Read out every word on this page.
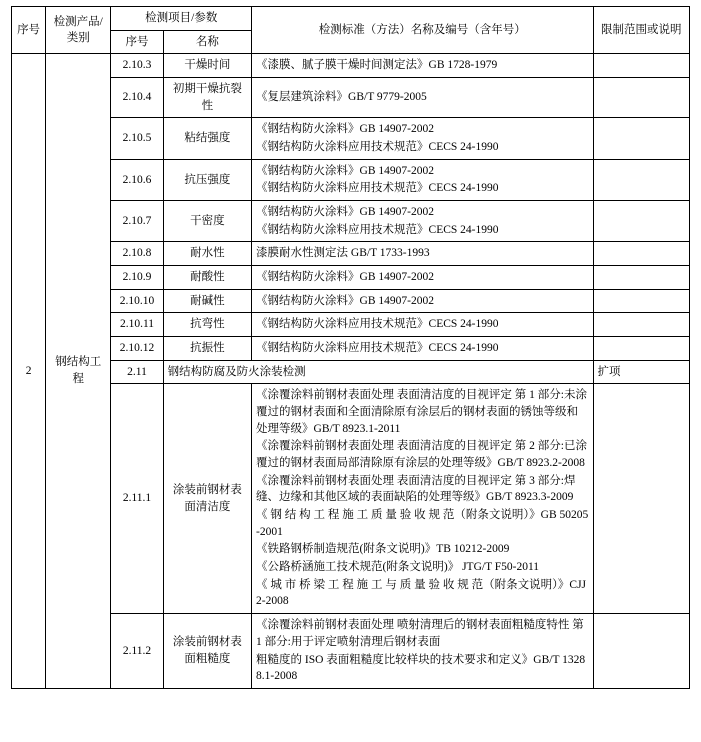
序号	检测产品/类别	检测项目/参数		检测标准（方法）名称及编号（含年号）	限制范围或说明
		序号	名称		
2	钢结构工程	2.10.3	干燥时间	《漆膜、腻子膜干燥时间测定法》GB 1728-1979	

		2.10.4	初期干燥抗裂性	《复层建筑涂料》GB/T 9779-2005	

		2.10.5	粘结强度	《钢结构防火涂料》GB 14907-2002

《钢结构防火涂料应用技术规范》CECS 24-1990	

		2.10.6	抗压强度	《钢结构防火涂料》GB 14907-2002

《钢结构防火涂料应用技术规范》CECS 24-1990	

		2.10.7	干密度	《钢结构防火涂料》GB 14907-2002

《钢结构防火涂料应用技术规范》CECS 24-1990	

		2.10.8	耐水性	漆膜耐水性测定法 GB/T 1733-1993	

		2.10.9	耐酸性	《钢结构防火涂料》GB 14907-2002	

		2.10.10	耐碱性	《钢结构防火涂料》GB 14907-2002	

		2.10.11	抗弯性	《钢结构防火涂料应用技术规范》CECS 24-1990	

		2.10.12	抗振性	《钢结构防火涂料应用技术规范》CECS 24-1990	

		2.11	钢结构防腐及防火涂装检测		扩项
2.11.1	涂装前钢材表面清洁度	

《涂覆涂料前钢材表面处理 表面清洁度的目视评定 第 1 部分:未涂覆过的钢材表面和全面清除原有涂层后的钢材表面的锈蚀等级和处理等级》GB/T 8923.1-2011

《涂覆涂料前钢材表面处理 表面清洁度的目视评定 第 2 部分:已涂覆过的钢材表面局部清除原有涂层的处理等级》GB/T 8923.2-2008

《涂覆涂料前钢材表面处理 表面清洁度的目视评定 第 3 部分:焊缝、边缘和其他区域的表面缺陷的处理等级》GB/T 8923.3-2009

《 钢 结 构 工 程 施 工 质 量 验 收 规 范（附条文说明）》GB 50205-2001

《铁路钢桥制造规范(附条文说明)》TB 10212-2009

《公路桥涵施工技术规范(附条文说明)》 JTG/T F50-2011

《 城 市 桥 梁 工 程 施 工 与 质 量 验 收 规 范（附条文说明）》CJJ 2-2008

		2.11.2	涂装前钢材表面粗糙度	《涂覆涂料前钢材表面处理 喷射清理后的钢材表面粗糙度特性 第 1 部分:用于评定喷射清理后钢材表面

粗糙度的 ISO 表面粗糙度比较样块的技术要求和定义》GB/T 13288.1-2008	
